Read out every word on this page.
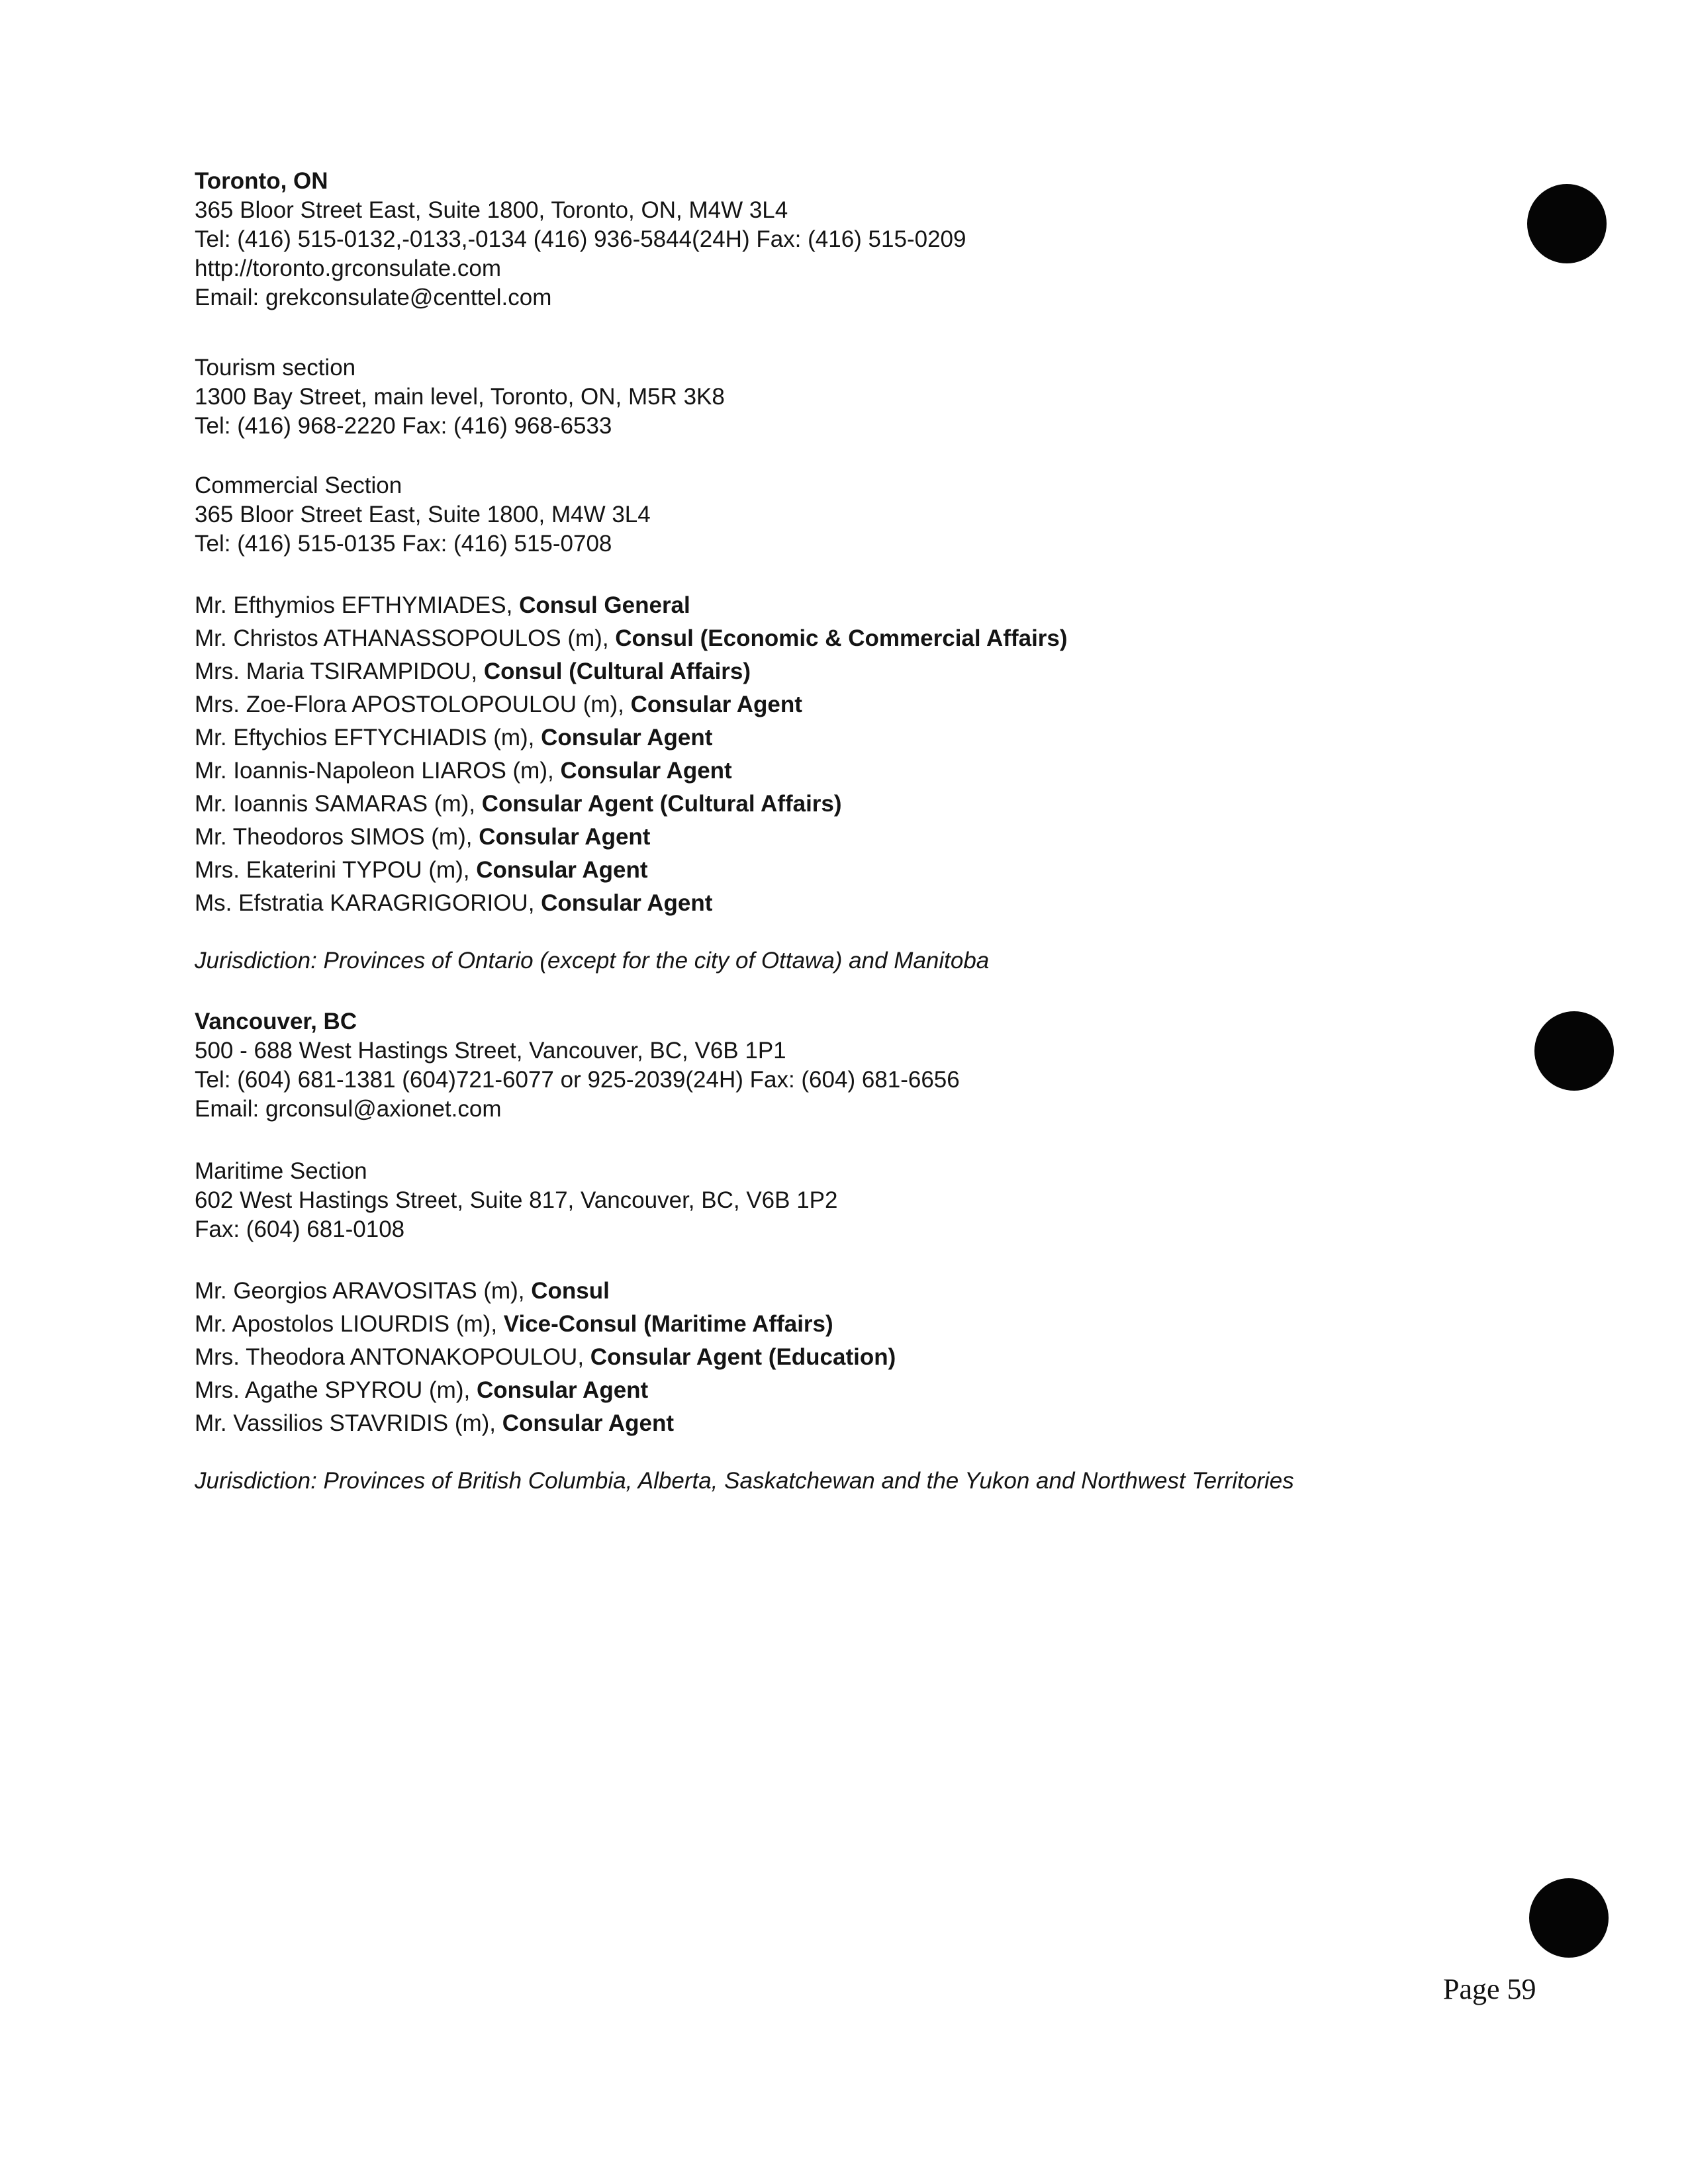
Toronto, ON
365 Bloor Street East, Suite 1800, Toronto, ON, M4W 3L4
Tel: (416) 515-0132,-0133,-0134 (416) 936-5844(24H) Fax: (416) 515-0209
http://toronto.grconsulate.com
Email: grekconsulate@centtel.com
Tourism section
1300 Bay Street, main level, Toronto, ON, M5R 3K8
Tel: (416) 968-2220 Fax: (416) 968-6533
Commercial Section
365 Bloor Street East, Suite 1800, M4W 3L4
Tel: (416) 515-0135 Fax: (416) 515-0708
Mr. Efthymios EFTHYMIADES, Consul General
Mr. Christos ATHANASSOPOULOS (m), Consul (Economic & Commercial Affairs)
Mrs. Maria TSIRAMPIDOU, Consul (Cultural Affairs)
Mrs. Zoe-Flora APOSTOLOPOULOU (m), Consular Agent
Mr. Eftychios EFTYCHIADIS (m), Consular Agent
Mr. Ioannis-Napoleon LIAROS (m), Consular Agent
Mr. Ioannis SAMARAS (m), Consular Agent (Cultural Affairs)
Mr. Theodoros SIMOS (m), Consular Agent
Mrs. Ekaterini TYPOU (m), Consular Agent
Ms. Efstratia KARAGRIGORIOU, Consular Agent
Jurisdiction: Provinces of Ontario (except for the city of Ottawa) and Manitoba
Vancouver, BC
500 - 688 West Hastings Street, Vancouver, BC, V6B 1P1
Tel: (604) 681-1381 (604)721-6077 or 925-2039(24H) Fax: (604) 681-6656
Email: grconsul@axionet.com
Maritime Section
602 West Hastings Street, Suite 817, Vancouver, BC, V6B 1P2
Fax: (604) 681-0108
Mr. Georgios ARAVOSITAS (m), Consul
Mr. Apostolos LIOURDIS (m), Vice-Consul (Maritime Affairs)
Mrs. Theodora ANTONAKOPOULOU, Consular Agent (Education)
Mrs. Agathe SPYROU (m), Consular Agent
Mr. Vassilios STAVRIDIS (m), Consular Agent
Jurisdiction: Provinces of British Columbia, Alberta, Saskatchewan and the Yukon and Northwest Territories
Page 59
